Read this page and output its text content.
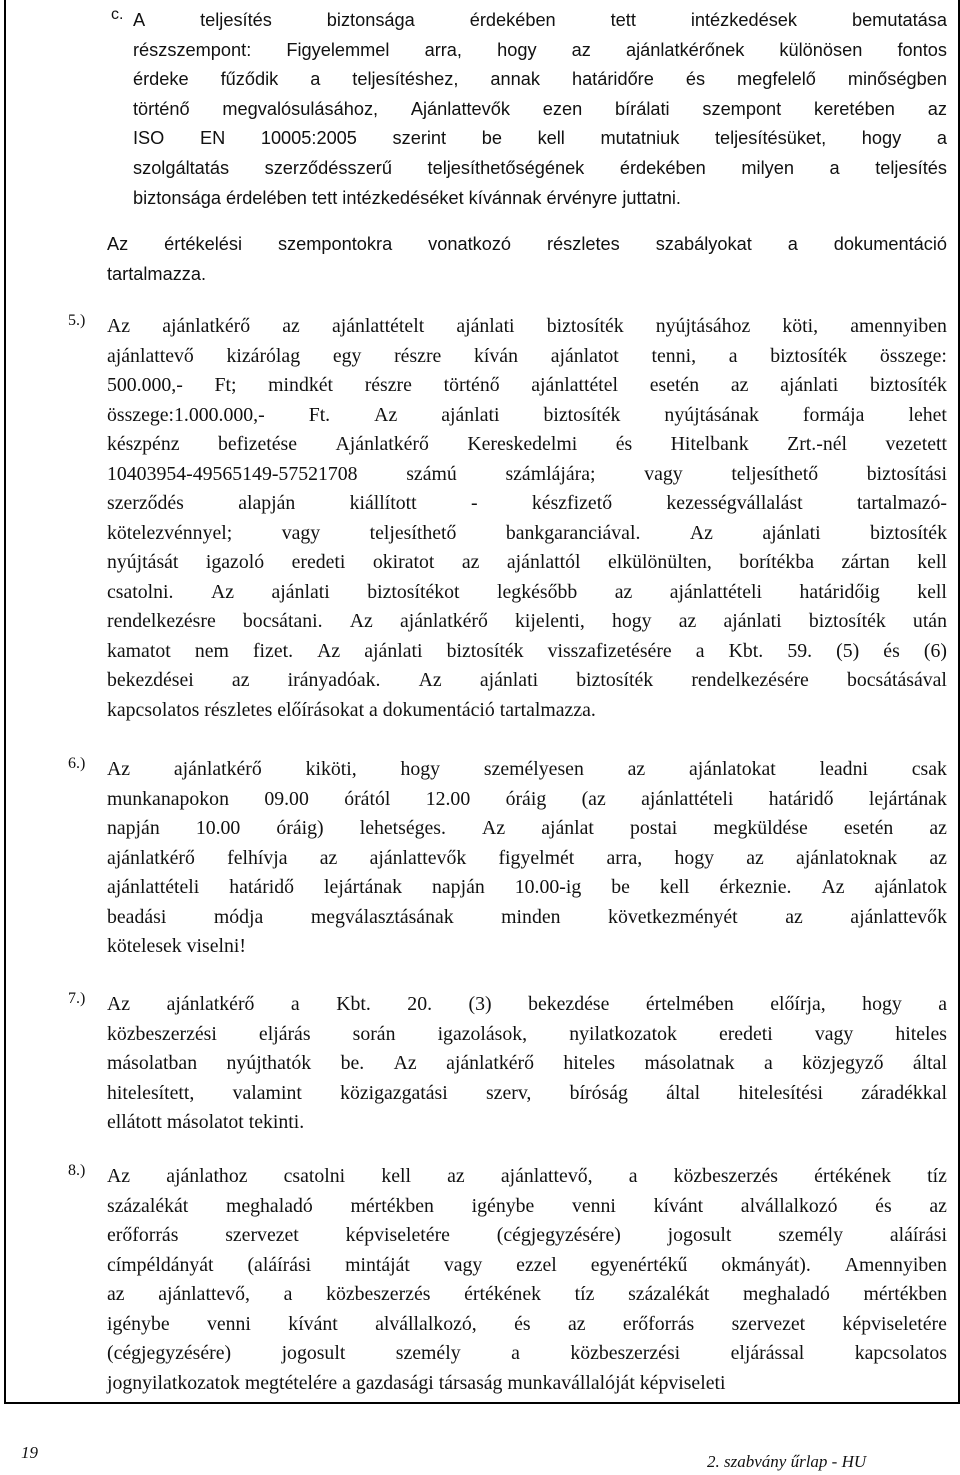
c. A	teljesítés	biztonsága	érdekében	tett	intézkedések	bemutatása
részszempont: Figyelemmel arra, hogy az ajánlatkérőnek különösen fontos
érdeke fűződik a teljesítéshez, annak határidőre és megfelelő minőségben
történő megvalósulásához, Ajánlattevők ezen bírálati szempont keretében az
ISO EN 10005:2005 szerint be kell mutatniuk teljesítésüket, hogy a
szolgáltatás szerződésszerű teljesíthetőségének érdekében milyen a teljesítés
biztonsága érdelében tett intézkedéséket kívánnak érvényre juttatni.
Az értékelési szempontokra vonatkozó részletes szabályokat a dokumentáció
tartalmazza.
5.) Az ajánlatkérő az ajánlattételt ajánlati biztosíték nyújtásához köti, amennyiben
ajánlattevő kizárólag egy részre kíván ajánlatot tenni, a biztosíték összege:
500.000,- Ft; mindkét részre történő ajánlattétel esetén az ajánlati biztosíték
összege:1.000.000,- Ft. Az ajánlati biztosíték nyújtásának formája lehet
készpénz befizetése Ajánlatkérő Kereskedelmi és Hitelbank Zrt.-nél vezetett
10403954-49565149-57521708 számú számlájára; vagy teljesíthető biztosítási
szerződés	alapján	kiállított	-	készfizető	kezességvállalást	tartalmazó-
kötelezvénnyel; vagy teljesíthető bankgaranciával. Az ajánlati biztosíték
nyújtását igazoló eredeti okiratot az ajánlattól elkülönülten, borítékba zártan kell
csatolni. Az ajánlati biztosítékot legkésőbb az ajánlattételi határidőig kell
rendelkezésre bocsátani. Az ajánlatkérő kijelenti, hogy az ajánlati biztosíték után
kamatot nem fizet. Az ajánlati biztosíték visszafizetésére a Kbt. 59. (5) és (6)
bekezdései az irányadóak. Az ajánlati biztosíték rendelkezésére bocsátásával
kapcsolatos részletes előírásokat a dokumentáció tartalmazza.
6.) Az ajánlatkérő kiköti, hogy személyesen az ajánlatokat leadni csak
munkanapokon 09.00 órától 12.00 óráig (az ajánlattételi határidő lejártának
napján 10.00 óráig) lehetséges. Az ajánlat postai megküldése esetén az
ajánlatkérő felhívja az ajánlattevők figyelmét arra, hogy az ajánlatoknak az
ajánlattételi határidő lejártának napján 10.00-ig be kell érkeznie. Az ajánlatok
beadási módja megválasztásának minden következményét az ajánlattevők
kötelesek viselni!
7.) Az ajánlatkérő a Kbt. 20. (3) bekezdése értelmében előírja, hogy a
közbeszerzési eljárás során igazolások, nyilatkozatok eredeti vagy hiteles
másolatban nyújthatók be. Az ajánlatkérő hiteles másolatnak a közjegyző által
hitelesített, valamint közigazgatási szerv, bíróság által hitelesítési záradékkal
ellátott másolatot tekinti.
8.) Az ajánlathoz csatolni kell az ajánlattevő, a közbeszerzés értékének tíz
százalékát meghaladó mértékben igénybe venni kívánt alvállalkozó és az
erőforrás szervezet képviseletére (cégjegyzésére) jogosult személy aláírási
címpéldányát (aláírási mintáját vagy ezzel egyenértékű okmányát). Amennyiben
az ajánlattevő, a közbeszerzés értékének tíz százalékát meghaladó mértékben
igénybe venni kívánt alvállalkozó, és az erőforrás szervezet képviseletére
(cégjegyzésére)	jogosult	személy	a	közbeszerzési	eljárással	kapcsolatos
jognyilatkozatok megtételére a gazdasági társaság munkavállalóját képviseleti
19	2. szabvány űrlap - HU
